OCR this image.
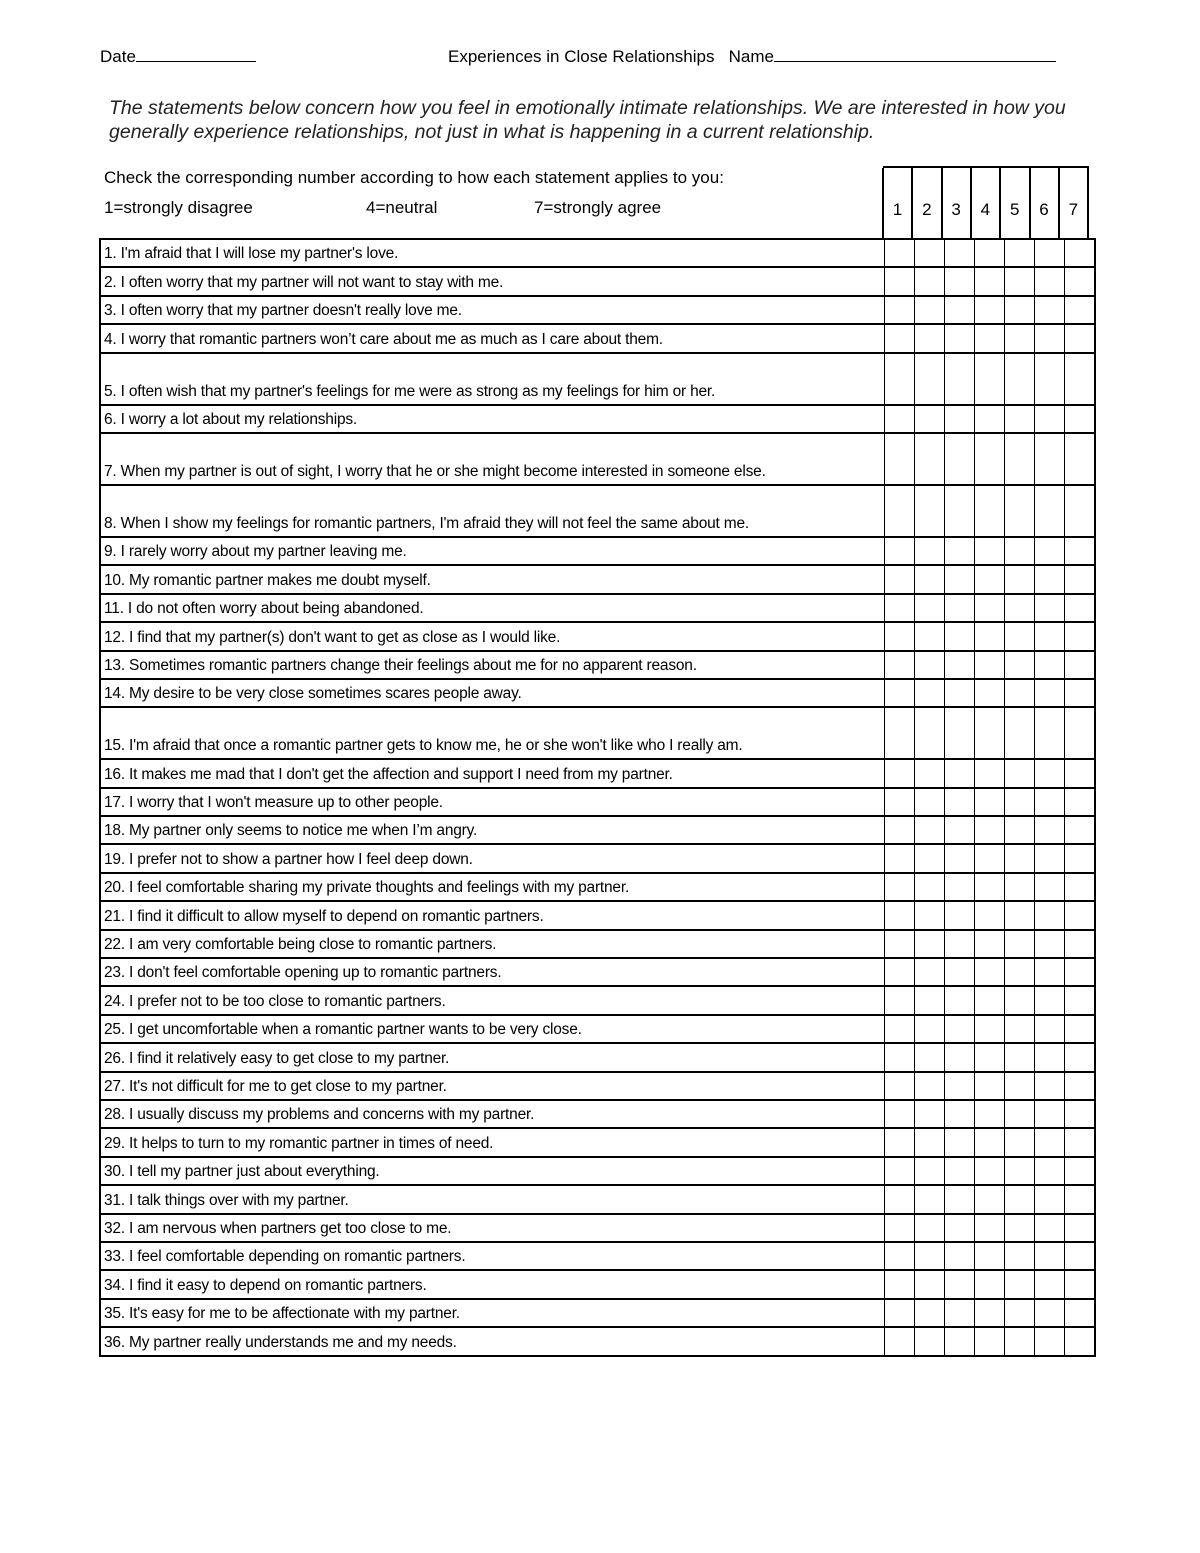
Date	Experiences in Close Relationships Name
The statements below concern how you feel in emotionally intimate relationships. We are interested in how you generally experience relationships, not just in what is happening in a current relationship.
Check the corresponding number according to how each statement applies to you:
1=strongly disagree	4=neutral	7=strongly agree	1	2	3	4	5	6	7
1. I'm afraid that I will lose my partner's love.							
2. I often worry that my partner will not want to stay with me.							
3. I often worry that my partner doesn't really love me.							
4. I worry that romantic partners won’t care about me as much as I care about them.							
5. I often wish that my partner's feelings for me were as strong as my feelings for him or her.							
6. I worry a lot about my relationships.							
7. When my partner is out of sight, I worry that he or she might become interested in someone else.							
8. When I show my feelings for romantic partners, I'm afraid they will not feel the same about me.							
9. I rarely worry about my partner leaving me.							
10. My romantic partner makes me doubt myself.							
11. I do not often worry about being abandoned.							
12. I find that my partner(s) don't want to get as close as I would like.							
13. Sometimes romantic partners change their feelings about me for no apparent reason.							
14. My desire to be very close sometimes scares people away.							
15. I'm afraid that once a romantic partner gets to know me, he or she won't like who I really am.							
16. It makes me mad that I don't get the affection and support I need from my partner.							
17. I worry that I won't measure up to other people.							
18. My partner only seems to notice me when I’m angry.							
19. I prefer not to show a partner how I feel deep down.							
20. I feel comfortable sharing my private thoughts and feelings with my partner.							
21. I find it difficult to allow myself to depend on romantic partners.							
22. I am very comfortable being close to romantic partners.							
23. I don't feel comfortable opening up to romantic partners.							
24. I prefer not to be too close to romantic partners.							
25. I get uncomfortable when a romantic partner wants to be very close.							
26. I find it relatively easy to get close to my partner.							
27. It's not difficult for me to get close to my partner.							
28. I usually discuss my problems and concerns with my partner.							
29. It helps to turn to my romantic partner in times of need.							
30. I tell my partner just about everything.							
31. I talk things over with my partner.							
32. I am nervous when partners get too close to me.							
33. I feel comfortable depending on romantic partners.							
34. I find it easy to depend on romantic partners.							
35. It's easy for me to be affectionate with my partner.							
36. My partner really understands me and my needs.							
